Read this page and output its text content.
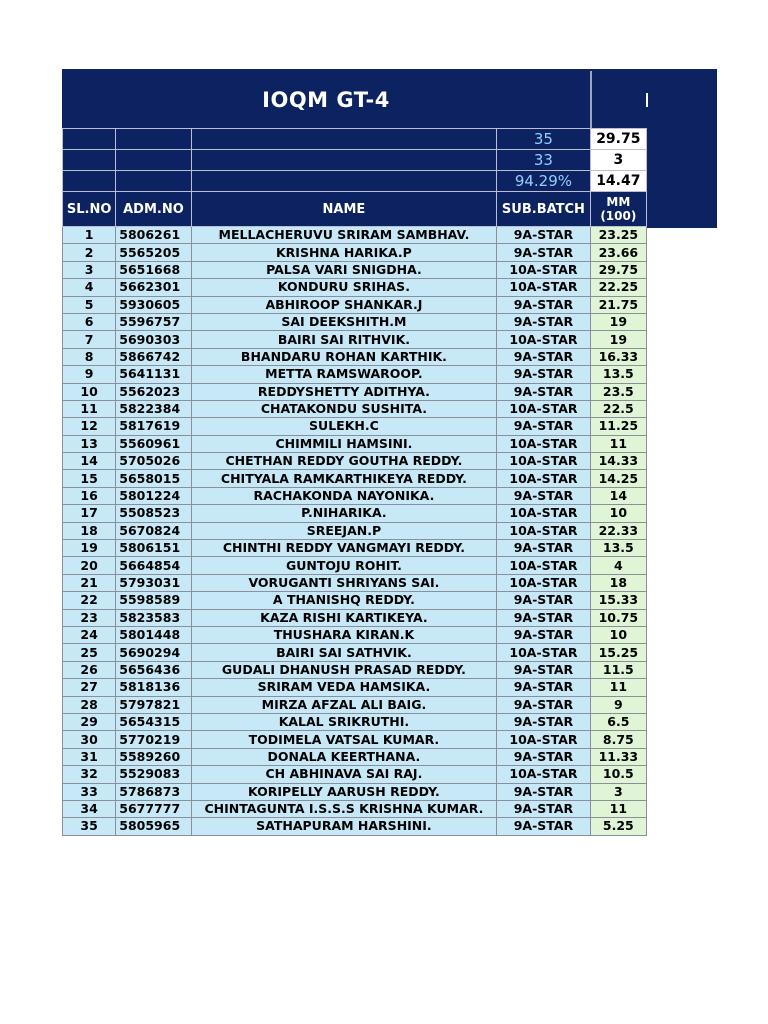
IOQM GT-4
			35	29.75
			33	3
			94.29%	14.47
SL.NO	ADM.NO	NAME	SUB.BATCH	MM
(100)

1	5806261	MELLACHERUVU SRIRAM SAMBHAV.	9A-STAR	23.25
2	5565205	KRISHNA HARIKA.P	9A-STAR	23.66
3	5651668	PALSA VARI SNIGDHA.	10A-STAR	29.75
4	5662301	KONDURU SRIHAS.	10A-STAR	22.25
5	5930605	ABHIROOP SHANKAR.J	9A-STAR	21.75
6	5596757	SAI DEEKSHITH.M	9A-STAR	19
7	5690303	BAIRI SAI RITHVIK.	10A-STAR	19
8	5866742	BHANDARU ROHAN KARTHIK.	9A-STAR	16.33
9	5641131	METTA RAMSWAROOP.	9A-STAR	13.5
10	5562023	REDDYSHETTY ADITHYA.	9A-STAR	23.5
11	5822384	CHATAKONDU SUSHITA.	10A-STAR	22.5
12	5817619	SULEKH.C	9A-STAR	11.25
13	5560961	CHIMMILI HAMSINI.	10A-STAR	11
14	5705026	CHETHAN REDDY GOUTHA REDDY.	10A-STAR	14.33
15	5658015	CHITYALA RAMKARTHIKEYA REDDY.	10A-STAR	14.25
16	5801224	RACHAKONDA NAYONIKA.	9A-STAR	14
17	5508523	P.NIHARIKA.	10A-STAR	10
18	5670824	SREEJAN.P	10A-STAR	22.33
19	5806151	CHINTHI REDDY VANGMAYI REDDY.	9A-STAR	13.5
20	5664854	GUNTOJU ROHIT.	10A-STAR	4
21	5793031	VORUGANTI SHRIYANS SAI.	10A-STAR	18
22	5598589	A THANISHQ REDDY.	9A-STAR	15.33
23	5823583	KAZA RISHI KARTIKEYA.	9A-STAR	10.75
24	5801448	THUSHARA KIRAN.K	9A-STAR	10
25	5690294	BAIRI SAI SATHVIK.	10A-STAR	15.25
26	5656436	GUDALI DHANUSH PRASAD REDDY.	9A-STAR	11.5
27	5818136	SRIRAM VEDA HAMSIKA.	9A-STAR	11
28	5797821	MIRZA AFZAL ALI BAIG.	9A-STAR	9
29	5654315	KALAL SRIKRUTHI.	9A-STAR	6.5
30	5770219	TODIMELA VATSAL KUMAR.	10A-STAR	8.75
31	5589260	DONALA KEERTHANA.	9A-STAR	11.33
32	5529083	CH ABHINAVA SAI RAJ.	10A-STAR	10.5
33	5786873	KORIPELLY AARUSH REDDY.	9A-STAR	3
34	5677777	CHINTAGUNTA I.S.S.S KRISHNA KUMAR.	9A-STAR	11
35	5805965	SATHAPURAM HARSHINI.	9A-STAR	5.25
